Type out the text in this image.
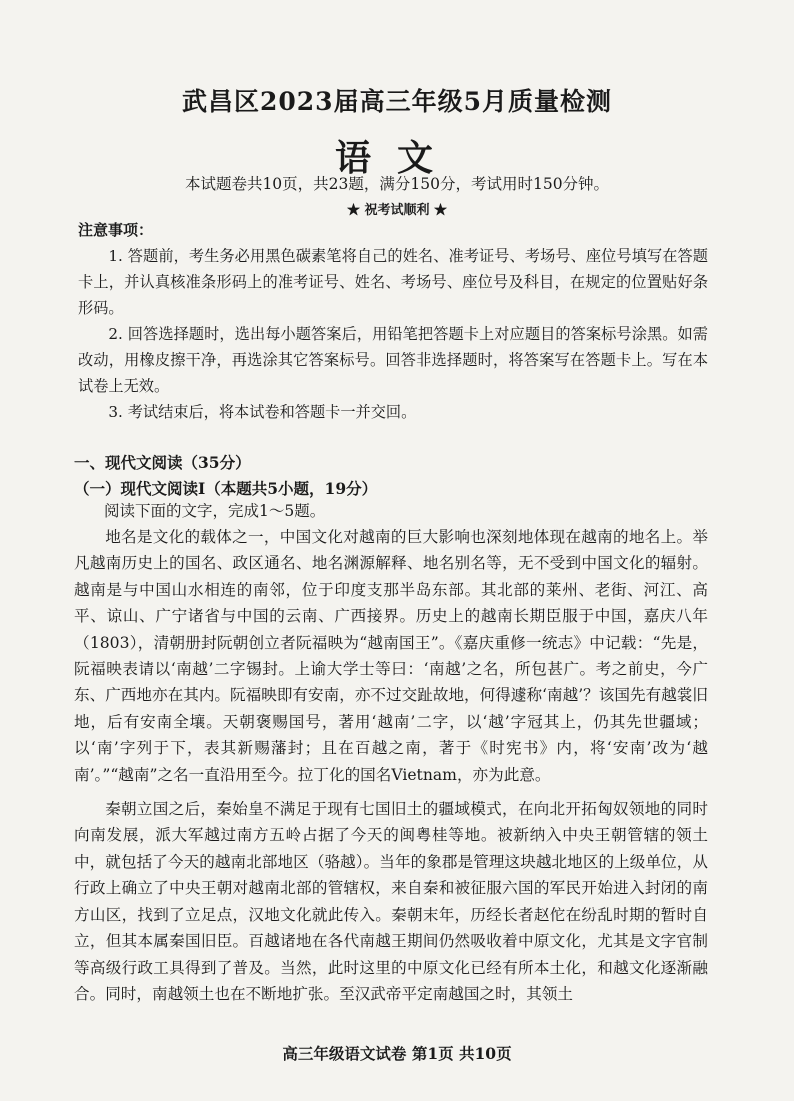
武昌区2023届高三年级5月质量检测
语文
本试题卷共10页，共23题，满分150分，考试用时150分钟。
★ 祝考试顺利 ★
注意事项：

1. 答题前，考生务必用黑色碳素笔将自己的姓名、准考证号、考场号、座位号填写在答题卡上，并认真核准条形码上的准考证号、姓名、考场号、座位号及科目，在规定的位置贴好条形码。

2. 回答选择题时，选出每小题答案后，用铅笔把答题卡上对应题目的答案标号涂黑。如需改动，用橡皮擦干净，再选涂其它答案标号。回答非选择题时，将答案写在答题卡上。写在本试卷上无效。

3. 考试结束后，将本试卷和答题卡一并交回。

一、现代文阅读（35分）
（一）现代文阅读Ⅰ（本题共5小题，19分）
阅读下面的文字，完成1～5题。

地名是文化的载体之一，中国文化对越南的巨大影响也深刻地体现在越南的地名上。举凡越南历史上的国名、政区通名、地名渊源解释、地名别名等，无不受到中国文化的辐射。越南是与中国山水相连的南邻，位于印度支那半岛东部。其北部的莱州、老街、河江、高平、谅山、广宁诸省与中国的云南、广西接界。历史上的越南长期臣服于中国，嘉庆八年（1803），清朝册封阮朝创立者阮福映为“越南国王”。《嘉庆重修一统志》中记载：“先是，阮福映表请以‘南越’二字锡封。上谕大学士等曰：‘南越’之名，所包甚广。考之前史，今广东、广西地亦在其内。阮福映即有安南，亦不过交趾故地，何得遽称‘南越’？该国先有越裳旧地，后有安南全壤。天朝褒赐国号，著用‘越南’二字，以‘越’字冠其上，仍其先世疆域；以‘南’字列于下，表其新赐藩封；且在百越之南，著于《时宪书》内，将‘安南’改为‘越南’。”“越南”之名一直沿用至今。拉丁化的国名Vietnam，亦为此意。

秦朝立国之后，秦始皇不满足于现有七国旧土的疆域模式，在向北开拓匈奴领地的同时向南发展，派大军越过南方五岭占据了今天的闽粤桂等地。被新纳入中央王朝管辖的领土中，就包括了今天的越南北部地区（骆越）。当年的象郡是管理这块越北地区的上级单位，从行政上确立了中央王朝对越南北部的管辖权，来自秦和被征服六国的军民开始进入封闭的南方山区，找到了立足点，汉地文化就此传入。秦朝末年，历经长者赵佗在纷乱时期的暂时自立，但其本属秦国旧臣。百越诸地在各代南越王期间仍然吸收着中原文化，尤其是文字官制等高级行政工具得到了普及。当然，此时这里的中原文化已经有所本土化，和越文化逐渐融合。同时，南越领土也在不断地扩张。至汉武帝平定南越国之时，其领土

高三年级语文试卷 第1页 共10页
